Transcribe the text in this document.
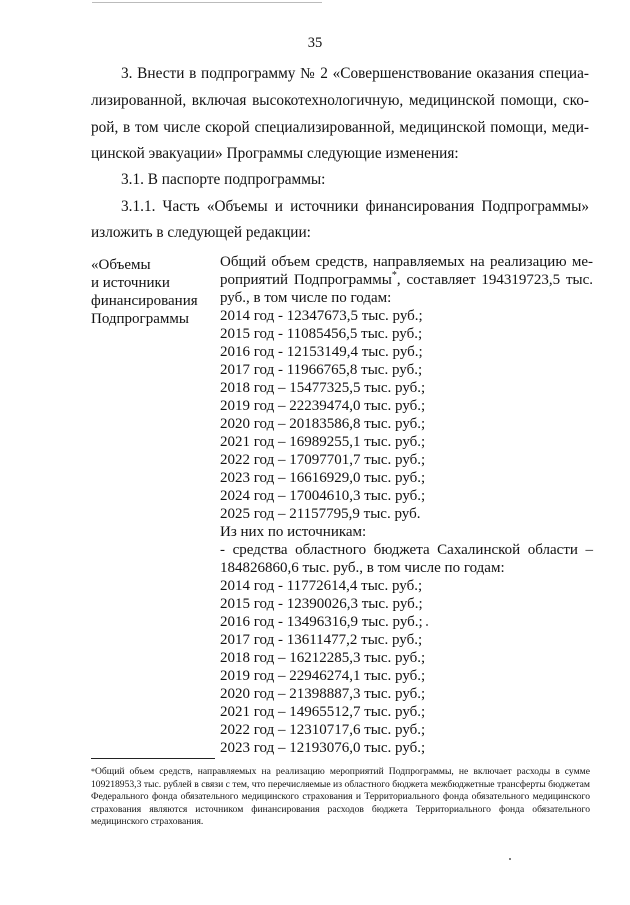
35
3. Внести в подпрограмму № 2 «Совершенствование оказания специа-
лизированной, включая высокотехнологичную, медицинской помощи, ско-
рой, в том числе скорой специализированной, медицинской помощи, меди-
цинской эвакуации» Программы следующие изменения:
3.1. В паспорте подпрограммы:
3.1.1. Часть «Объемы и источники финансирования Подпрограммы»
изложить в следующей редакции:
«Объемы
и источники
финансирования
Подпрограммы
Общий объем средств, направляемых на реализацию ме-
роприятий Подпрограммы*, составляет 194319723,5 тыс.
руб., в том числе по годам:
2014 год - 12347673,5 тыс. руб.;
2015 год - 11085456,5 тыс. руб.;
2016 год - 12153149,4 тыс. руб.;
2017 год - 11966765,8 тыс. руб.;
2018 год – 15477325,5 тыс. руб.;
2019 год – 22239474,0 тыс. руб.;
2020 год – 20183586,8 тыс. руб.;
2021 год – 16989255,1 тыс. руб.;
2022 год – 17097701,7 тыс. руб.;
2023 год – 16616929,0 тыс. руб.;
2024 год – 17004610,3 тыс. руб.;
2025 год – 21157795,9 тыс. руб.
Из них по источникам:
- средства областного бюджета Сахалинской области –
184826860,6 тыс. руб., в том числе по годам:
2014 год - 11772614,4 тыс. руб.;
2015 год - 12390026,3 тыс. руб.;
2016 год - 13496316,9 тыс. руб.;
2017 год - 13611477,2 тыс. руб.;
2018 год – 16212285,3 тыс. руб.;
2019 год – 22946274,1 тыс. руб.;
2020 год – 21398887,3 тыс. руб.;
2021 год – 14965512,7 тыс. руб.;
2022 год – 12310717,6 тыс. руб.;
2023 год – 12193076,0 тыс. руб.;
*Общий объем средств, направляемых на реализацию мероприятий Подпрограммы, не включает расходы в сумме 109218953,3 тыс. рублей в связи с тем, что перечисляемые из областного бюджета межбюджетные трансферты бюджетам Федерального фонда обязательного медицинского страхования и Территориального фонда обязательного медицинского страхования являются источником финансирования расходов бюджета Территориального фонда обязательного медицинского страхования.
